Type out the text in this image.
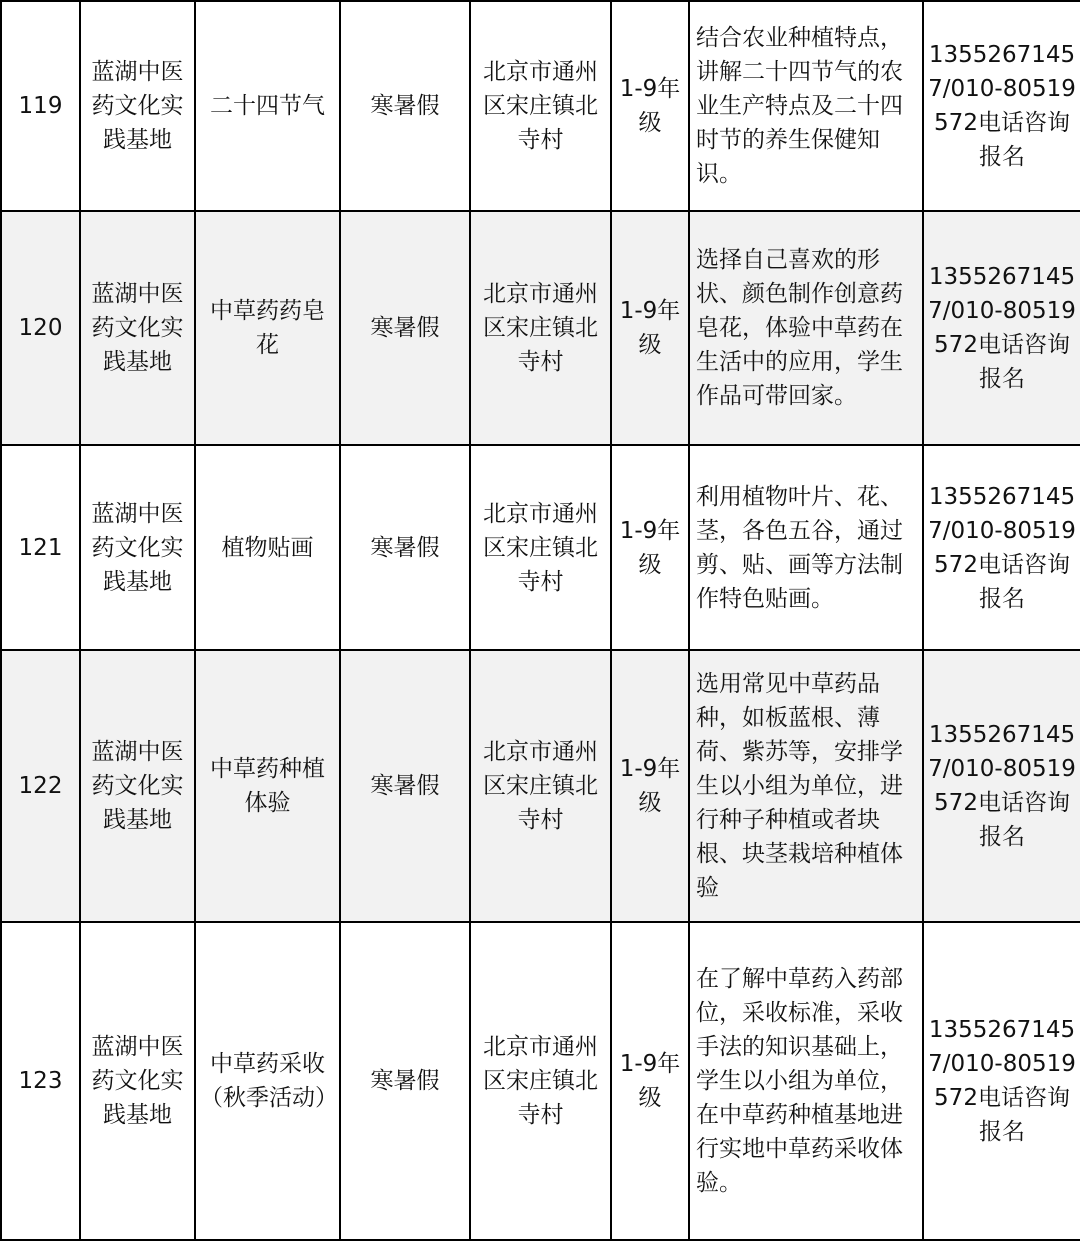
119	蓝湖中医药文化实践基地	二十四节气	寒暑假	北京市通州区宋庄镇北寺村	1-9年级	结合农业种植特点，讲解二十四节气的农业生产特点及二十四时节的养生保健知识。	13552671457/010-80519572电话咨询报名
120	蓝湖中医药文化实践基地	中草药药皂花	寒暑假	北京市通州区宋庄镇北寺村	1-9年级	选择自己喜欢的形状、颜色制作创意药皂花，体验中草药在生活中的应用，学生作品可带回家。	13552671457/010-80519572电话咨询报名
121	蓝湖中医药文化实践基地	植物贴画	寒暑假	北京市通州区宋庄镇北寺村	1-9年级	利用植物叶片、花、茎，各色五谷，通过剪、贴、画等方法制作特色贴画。	13552671457/010-80519572电话咨询报名
122	蓝湖中医药文化实践基地	中草药种植体验	寒暑假	北京市通州区宋庄镇北寺村	1-9年级	选用常见中草药品种，如板蓝根、薄荷、紫苏等，安排学生以小组为单位，进行种子种植或者块根、块茎栽培种植体验	13552671457/010-80519572电话咨询报名
123	蓝湖中医药文化实践基地	中草药采收（秋季活动）	寒暑假	北京市通州区宋庄镇北寺村	1-9年级	在了解中草药入药部位，采收标准，采收手法的知识基础上，学生以小组为单位，在中草药种植基地进行实地中草药采收体验。	13552671457/010-80519572电话咨询报名
